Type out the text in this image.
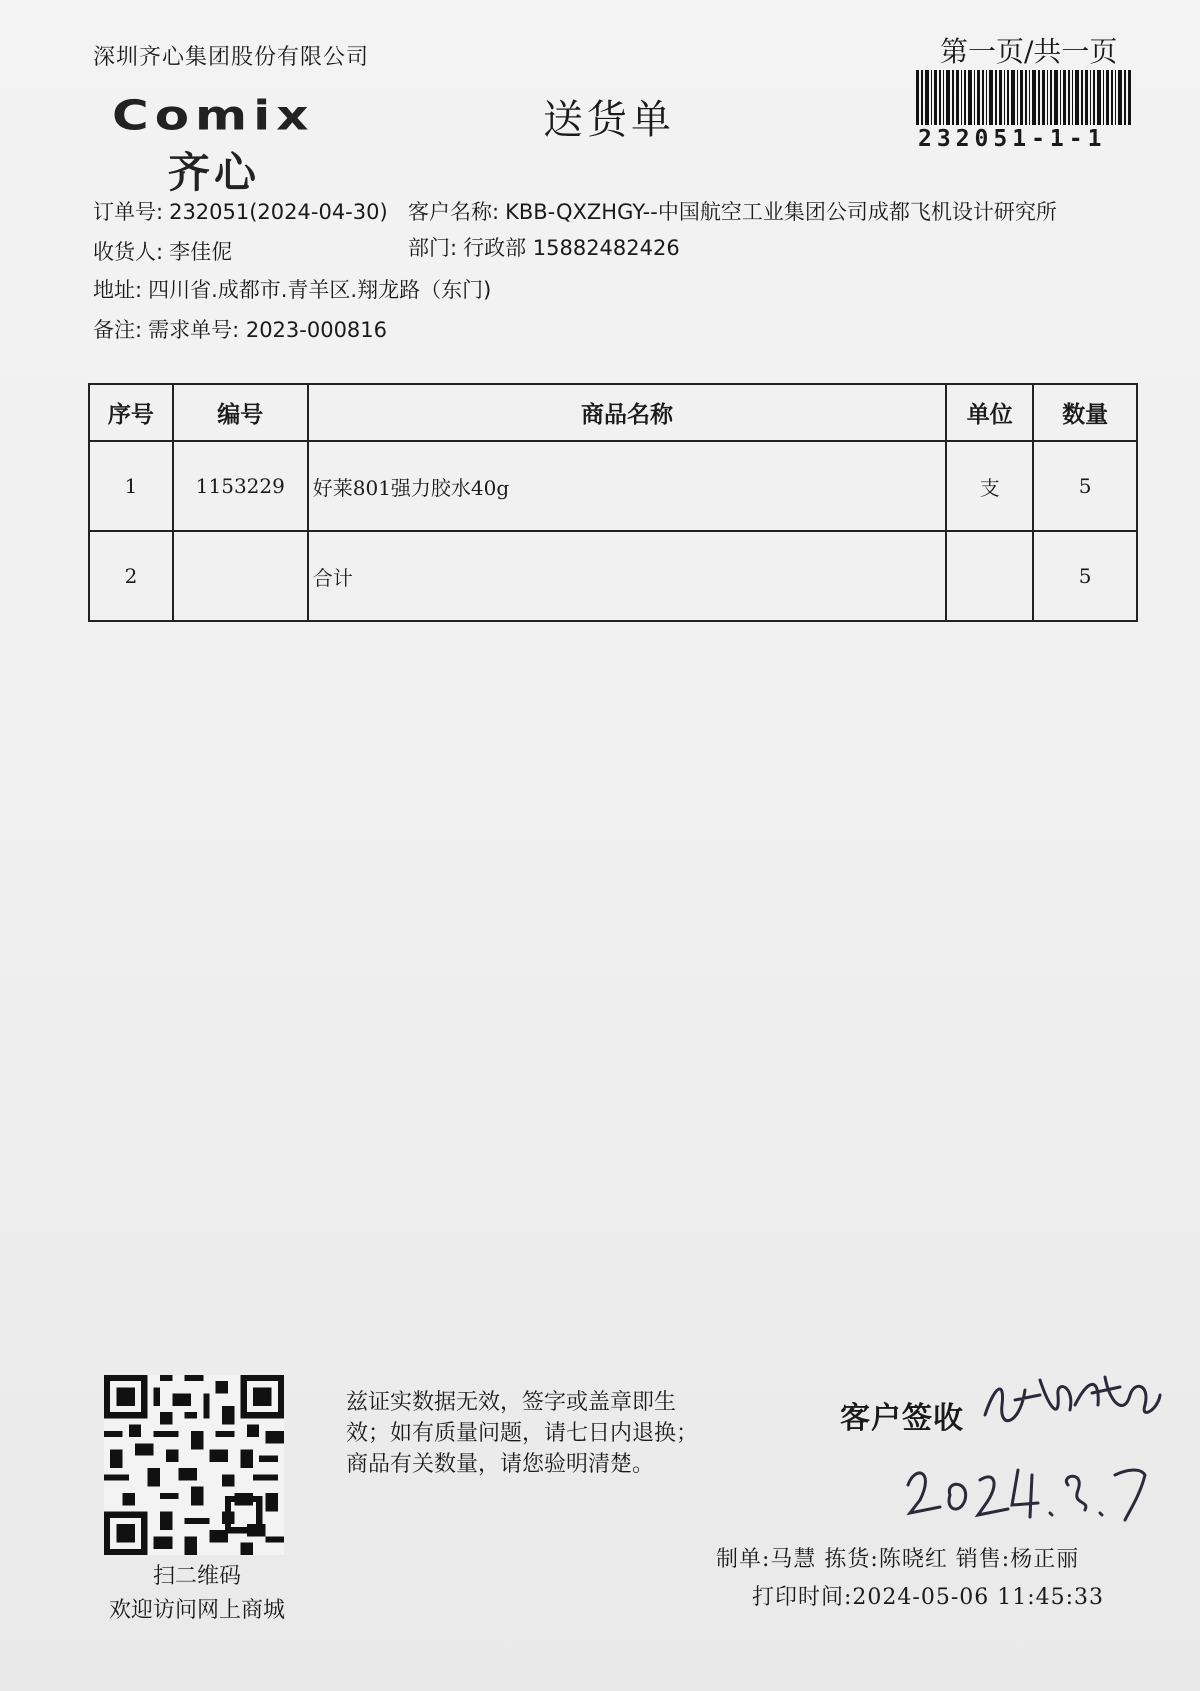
深圳齐心集团股份有限公司
Comix
齐心
送货单
第一页/共一页
232051-1-1
订单号: 232051(2024-04-30) 客户名称: KBB-QXZHGY--中国航空工业集团公司成都飞机设计研究所
收货人: 李佳伲	部门: 行政部 15882482426
地址: 四川省.成都市.青羊区.翔龙路（东门)
备注: 需求单号: 2023-000816
序号	编号	商品名称	单位	数量
1	1153229	好莱801强力胶水40g	支	5
2		合计		5
扫二维码
欢迎访问网上商城
兹证实数据无效，签字或盖章即生
效；如有质量问题，请七日内退换；
商品有关数量，请您验明清楚。
客户签收
制单:马慧 拣货:陈晓红 销售:杨正丽
打印时间:2024-05-06 11:45:33
